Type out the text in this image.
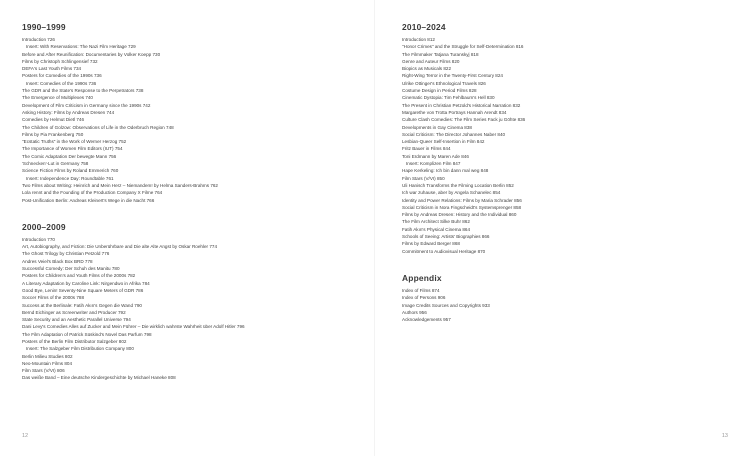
1990–1999
Introduction 726
Insert: With Reservations: The Nazi Film Heritage 729
Before and After Reunification: Documentaries by Volker Koepp 730
Films by Christoph Schlingensief 732
DEFA's Last Youth Films 734
Posters for Comedies of the 1990s 736
Insert: Comedies of the 1990s 736
The GDR and the State's Response to the Perpetrators 738
The Emergence of Multiplexes 740
Development of Film Criticism in Germany since the 1990s 742
Asking History: Films by Andreas Dresen 744
Comedies by Helmut Dietl 746
The Children of Golzow: Observations of Life in the Oderbruch Region 748
Films by Pia Frankenberg 750
"Ecstatic Truths" in the Work of Werner Herzog 752
The Importance of Women Film Editors (IUT) 754
The Comic Adaptation Der bewegte Mann 756
'Schnecken'-Lut in Germany 758
Science Fiction Films by Roland Emmerich 760
Insert: Independence Day: Roundtable 761
Two Films about Writing: Heinrich and Mein Herz – Niemandem! by Helma Sanders-Brahms 762
Lola rennt and the Founding of the Production Company X Filme 764
Post-Unification Berlin: Andreas Kleinert's Wege in die Nacht 766
2000–2009
Introduction 770
Art, Autobiography, and Fiction: Die Unberührbare and Die alte Alte Angst by Oskar Roehler 774
The Ghost Trilogy by Christian Petzold 776
Andres Veiel's Black Box BRD 778
Successful Comedy: Der Schuh des Manitu 780
Posters for Children's and Youth Films of the 2000s 782
A Literary Adaptation by Caroline Link: Nirgendwo in Afrika 784
Good Bye, Lenin! Seventy-Nine Square Meters of GDR 786
Soccer Films of the 2000s 788
Success at the Berlinale: Fatih Akın's Gegen die Wand 790
Bernd Eichinger as Screenwriter and Producer 792
State Security and an Aesthetic Parallel Universe 794
Dani Levy's Comedies Alles auf Zucker and Mein Führer – Die wirklich wahrste Wahrheit über Adolf Hitler 796
The Film Adaptation of Patrick Süskind's Novel Das Parfum 798
Posters of the Berlin Film Distributor Salzgeber 802
Insert: The Salzgeber Film Distribution Company 800
Berlin Milieu Studies 802
Neo-Mountain Films 804
Film Stars (V/VI) 806
Das weiße Band – Eine deutsche Kindergeschichte by Michael Haneke 808
12
2010–2024
Introduction 812
"Honor Crimes" and the Struggle for Self-Determination 816
The Filmmaker Tatjana Turanskyj 818
Genre and Auteur Films 820
Biopics as Musicals 822
Right-Wing Terror in the Twenty-First Century 824
Ulrike Ottinger's Ethnological Travels 826
Costume Design in Period Films 828
Cinematic Dystopia: Tim Fehlbaum's Hell 830
The Present in Christian Petzold's Historical Narration 832
Margarethe von Trotta Portrays Hannah Arendt 834
Culture Clash Comedies: The Film Series Fack ju Göhte 836
Developments in Gay Cinema 838
Social Criticism: The Director Johannes Naber 840
Lesbian-Queer Self-Insertion in Film 842
Fritz Bauer in Films 844
Toni Erdmann by Maren Ade 846
Insert: Komplizen Film 847
Hape Kerkeling: Ich bin dann mal weg 848
Film Stars (V/VI) 850
Uli Hanisch Transforms the Filming Location Berlin 852
Ich war zuhause, aber by Angela Schanelec 854
Identity and Power Relations: Films by Maria Schrader 856
Social Criticism in Nora Fingscheidt's Systemsprenger 858
Films by Andreas Dresen: History and the Individual 860
The Film Architect Silke Buhr 862
Fatih Akın's Physical Cinema 864
Schools of Seeing: Artists' Biographies 866
Films by Edward Berger 868
Commitment to Audiovisual Heritage 870
Appendix
Index of Films 874
Index of Persons 906
Image Credits Sources and Copyrights 933
Authors 956
Acknowledgements 957
13
